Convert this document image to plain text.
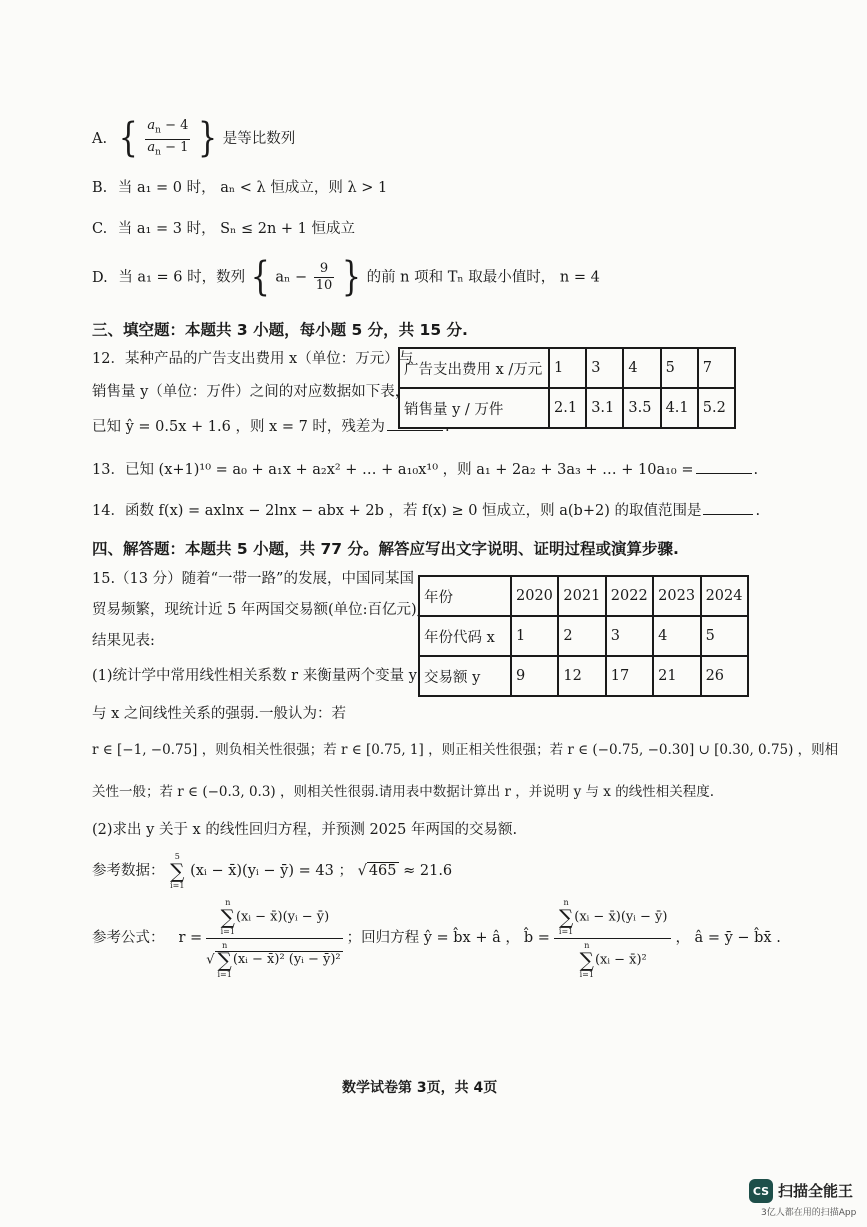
A. { $\frac{a_n - 4}{a_n - 1}$ } 是等比数列
B. 当 a₁ = 0 时， aₙ < λ 恒成立，则 λ > 1
C. 当 a₁ = 3 时， Sₙ ≤ 2n + 1 恒成立
D. 当 a₁ = 6 时，数列 { $a_n - \frac{9}{10}$ } 的前 n 项和 Tₙ 取最小值时， n = 4
三、填空题：本题共 3 小题，每小题 5 分，共 15 分.
12．某种产品的广告支出费用 x（单位：万元）与
销售量 y（单位：万件）之间的对应数据如下表，
已知 ŷ = 0.5x + 1.6 ，则 x = 7 时，残差为	.
广告支出费用 x /万元	1	3	4	5	7
销售量 y / 万件	2.1	3.1	3.5	4.1	5.2
13．已知 (x+1)¹⁰ = a₀ + a₁x + a₂x² + … + a₁₀x¹⁰ ，则 a₁ + 2a₂ + 3a₃ + … + 10a₁₀ =	.
14．函数 f(x) = axlnx − 2lnx − abx + 2b ，若 f(x) ≥ 0 恒成立，则 a(b+2) 的取值范围是	.
四、解答题：本题共 5 小题，共 77 分。解答应写出文字说明、证明过程或演算步骤.
15.（13 分）随着“一带一路”的发展，中国同某国
贸易频繁，现统计近 5 年两国交易额(单位:百亿元),
结果见表:
(1)统计学中常用线性相关系数 r 来衡量两个变量 y
与 x 之间线性关系的强弱.一般认为：若
年份	2020	2021	2022	2023	2024
年份代码 x	1	2	3	4	5
交易额 y	9	12	17	21	26
r ∈ [−1, −0.75] ，则负相关性很强；若 r ∈ [0.75, 1] ，则正相关性很强；若 r ∈ (−0.75, −0.30] ∪ [0.30, 0.75) ，则相
关性一般；若 r ∈ (−0.3, 0.3) ，则相关性很弱.请用表中数据计算出 r ，并说明 y 与 x 的线性相关程度.
(2)求出 y 关于 x 的线性回归方程，并预测 2025 年两国的交易额.
参考数据：
5
∑
i=1
(xᵢ − x̄)(yᵢ − ȳ) = 43 ； √ 465 ≈ 21.6
参考公式： r = n
∑
i=1
(xᵢ − x̄)(yᵢ − ȳ)
√
n
∑
i=1
(xᵢ − x̄)² (yᵢ − ȳ)² ；回归方程 ŷ = b̂x + â ， b̂ = n
∑
i=1
(xᵢ − x̄)(yᵢ − ȳ)
n
∑
i=1
(xᵢ − x̄)² ， â = ȳ − b̂x̄ .
数学试卷第 3页，共 4页
CS 扫描全能王
3亿人都在用的扫描App
